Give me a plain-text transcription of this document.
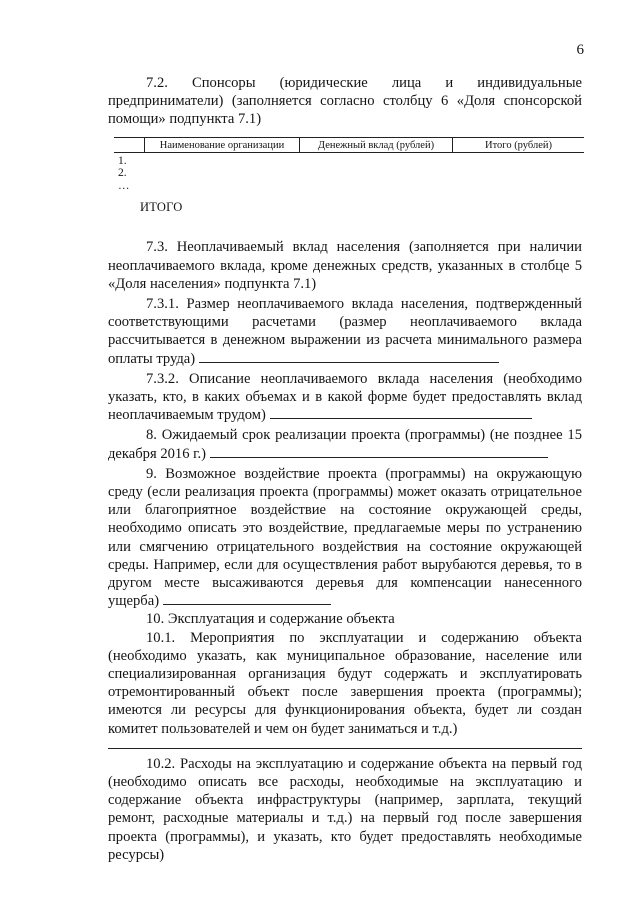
6

7.2. Спонсоры (юридические лица и индивидуальные предприниматели) (заполняется согласно столбцу 6 «Доля спонсорской помощи» подпункта 7.1)

	Наименование организации	Денежный вклад (рублей)	Итого (рублей)
1.
2.
…
ИТОГО

7.3. Неоплачиваемый вклад населения (заполняется при наличии неоплачиваемого вклада, кроме денежных средств, указанных в столбце 5 «Доля населения» подпункта 7.1)

7.3.1. Размер неоплачиваемого вклада населения, подтвержденный соответствующими расчетами (размер неоплачиваемого вклада рассчитывается в денежном выражении из расчета минимального размера оплаты труда)

7.3.2. Описание неоплачиваемого вклада населения (необходимо указать, кто, в каких объемах и в какой форме будет предоставлять вклад неоплачиваемым трудом)

8. Ожидаемый срок реализации проекта (программы) (не позднее 15 декабря 2016 г.)

9. Возможное воздействие проекта (программы) на окружающую среду (если реализация проекта (программы) может оказать отрицательное или благоприятное воздействие на состояние окружающей среды, необходимо описать это воздействие, предлагаемые меры по устранению или смягчению отрицательного воздействия на состояние окружающей среды. Например, если для осуществления работ вырубаются деревья, то в другом месте высаживаются деревья для компенсации нанесенного ущерба)

10. Эксплуатация и содержание объекта

10.1. Мероприятия по эксплуатации и содержанию объекта (необходимо указать, как муниципальное образование, население или специализированная организация будут содержать и эксплуатировать отремонтированный объект после завершения проекта (программы); имеются ли ресурсы для функционирования объекта, будет ли создан комитет пользователей и чем он будет заниматься и т.д.)

10.2. Расходы на эксплуатацию и содержание объекта на первый год (необходимо описать все расходы, необходимые на эксплуатацию и содержание объекта инфраструктуры (например, зарплата, текущий ремонт, расходные материалы и т.д.) на первый год после завершения проекта (программы), и указать, кто будет предоставлять необходимые ресурсы)
